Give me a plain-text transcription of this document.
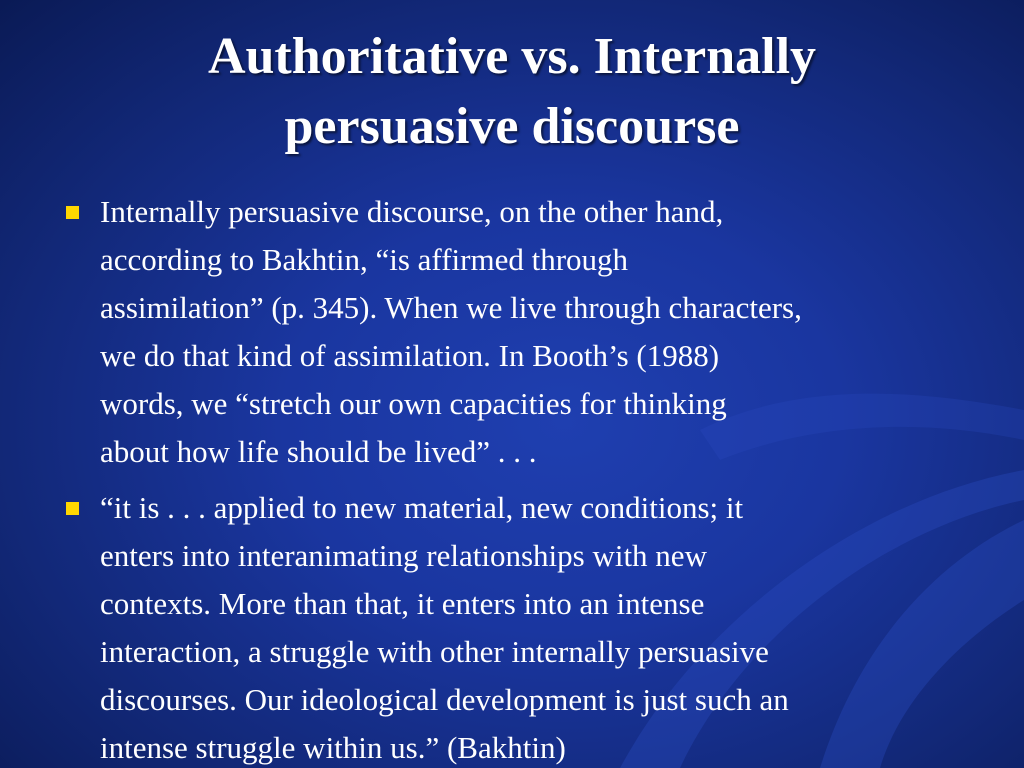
Authoritative vs. Internally
persuasive discourse
Internally persuasive discourse, on the other hand,
according to Bakhtin, “is affirmed through
assimilation” (p. 345). When we live through characters,
we do that kind of assimilation. In Booth’s (1988)
words, we “stretch our own capacities for thinking
about how life should be lived” . . .
“it is . . . applied to new material, new conditions; it
enters into interanimating relationships with new
contexts. More than that, it enters into an intense
interaction, a struggle with other internally persuasive
discourses. Our ideological development is just such an
intense struggle within us.” (Bakhtin)
